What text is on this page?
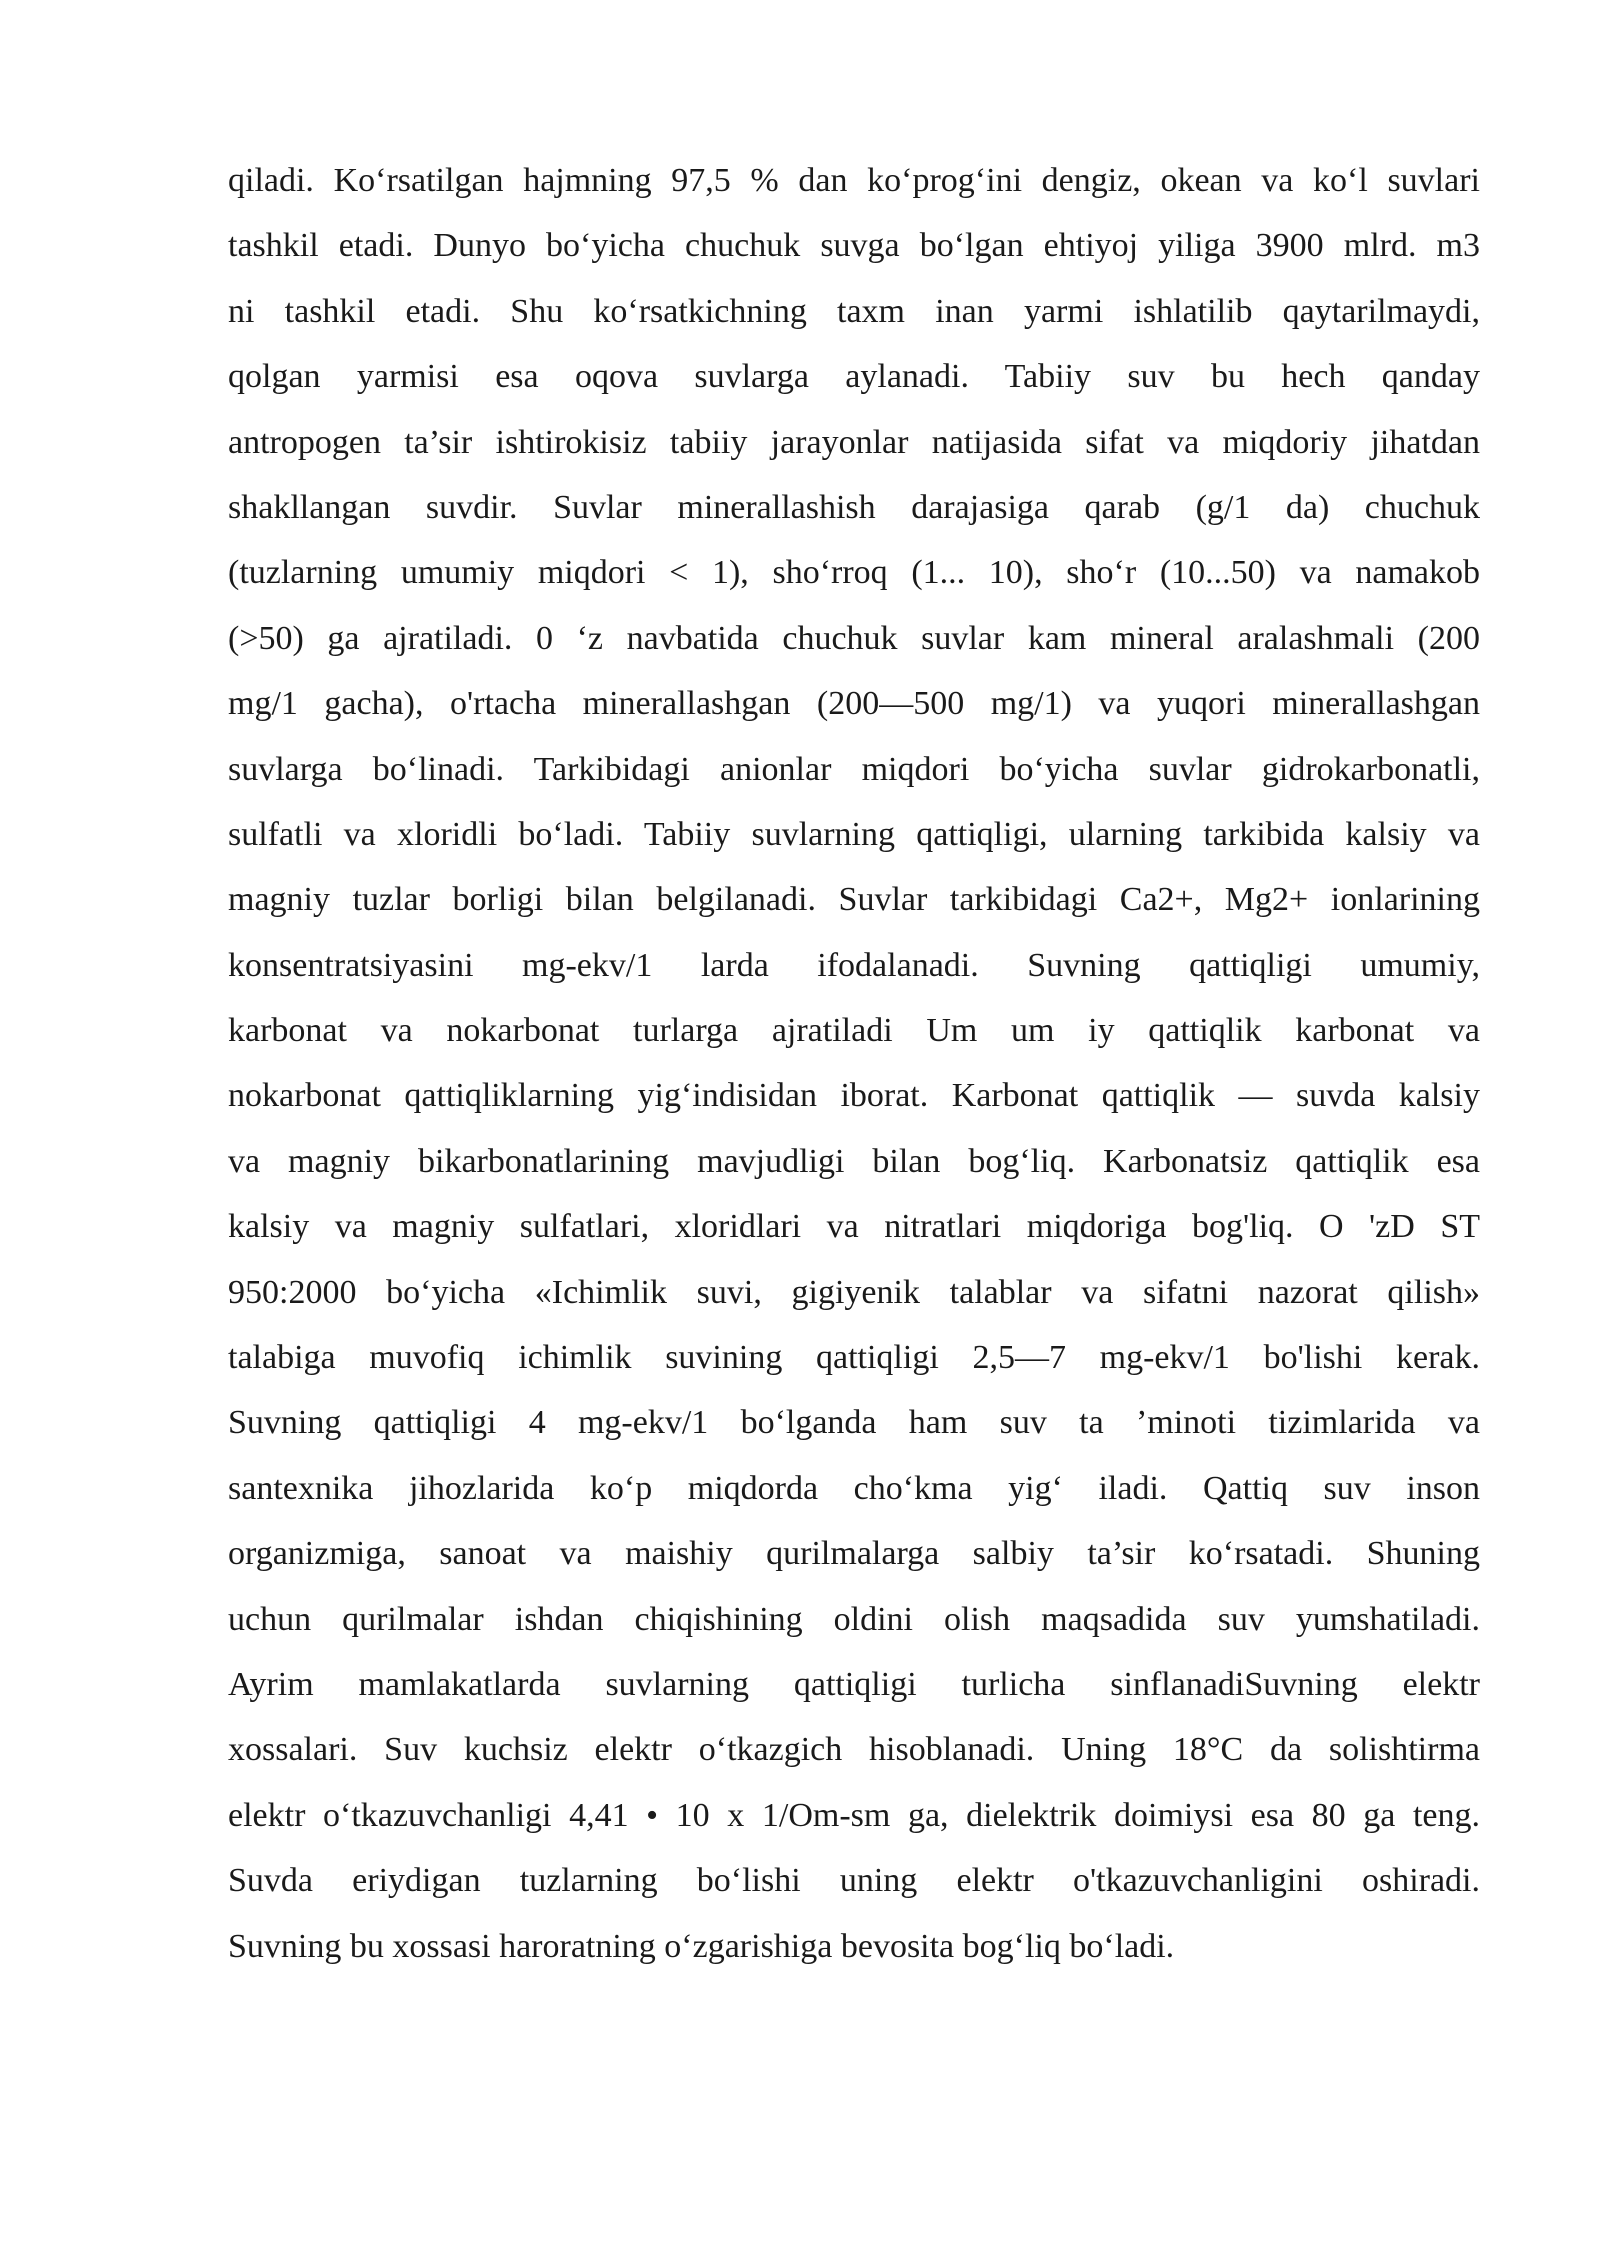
qiladi. Koʻrsatilgan hajmning 97,5 % dan koʻprogʻini dengiz, okean va koʻl suvlari
tashkil etadi. Dunyo boʻyicha chuchuk suvga boʻlgan ehtiyoj yiliga 3900 mlrd. m3
ni tashkil etadi. Shu koʻrsatkichning taxm inan yarmi ishlatilib qaytarilmaydi,
qolgan yarmisi esa oqova suvlarga aylanadi. Tabiiy suv bu hech qanday
antropogen ta’sir ishtirokisiz tabiiy jarayonlar natijasida sifat va miqdoriy jihatdan
shakllangan suvdir. Suvlar minerallashish darajasiga qarab (g/1 da) chuchuk
(tuzlarning umumiy miqdori < 1), shoʻrroq (1... 10), shoʻr (10...50) va namakob
(>50) ga ajratiladi. 0 ‘z navbatida chuchuk suvlar kam mineral aralashmali (200
mg/1 gacha), o'rtacha minerallashgan (200—500 mg/1) va yuqori minerallashgan
suvlarga boʻlinadi. Tarkibidagi anionlar miqdori boʻyicha suvlar gidrokarbonatli,
sulfatli va xloridli boʻladi. Tabiiy suvlarning qattiqligi, ularning tarkibida kalsiy va
magniy tuzlar borligi bilan belgilanadi. Suvlar tarkibidagi Ca2+, Mg2+ ionlarining
konsentratsiyasini mg-ekv/1 larda ifodalanadi. Suvning qattiqligi umumiy,
karbonat va nokarbonat turlarga ajratiladi Um um iy qattiqlik karbonat va
nokarbonat qattiqliklarning yigʻindisidan iborat. Karbonat qattiqlik — suvda kalsiy
va magniy bikarbonatlarining mavjudligi bilan bogʻliq. Karbonatsiz qattiqlik esa
kalsiy va magniy sulfatlari, xloridlari va nitratlari miqdoriga bog'liq. O 'zD ST
950:2000 boʻyicha «Ichimlik suvi, gigiyenik talablar va sifatni nazorat qilish»
talabiga muvofiq ichimlik suvining qattiqligi 2,5—7 mg-ekv/1 bo'lishi kerak.
Suvning qattiqligi 4 mg-ekv/1 boʻlganda ham suv ta ’minoti tizimlarida va
santexnika jihozlarida koʻp miqdorda choʻkma yigʻ iladi. Qattiq suv inson
organizmiga, sanoat va maishiy qurilmalarga salbiy ta’sir koʻrsatadi. Shuning
uchun qurilmalar ishdan chiqishining oldini olish maqsadida suv yumshatiladi.
Ayrim mamlakatlarda suvlarning qattiqligi turlicha sinflanadiSuvning elektr
xossalari. Suv kuchsiz elektr oʻtkazgich hisoblanadi. Uning 18°C da solishtirma
elektr oʻtkazuvchanligi 4,41 • 10 x 1/Om-sm ga, dielektrik doimiysi esa 80 ga teng.
Suvda eriydigan tuzlarning boʻlishi uning elektr o'tkazuvchanligini oshiradi.
Suvning bu xossasi haroratning oʻzgarishiga bevosita bogʻliq boʻladi.
